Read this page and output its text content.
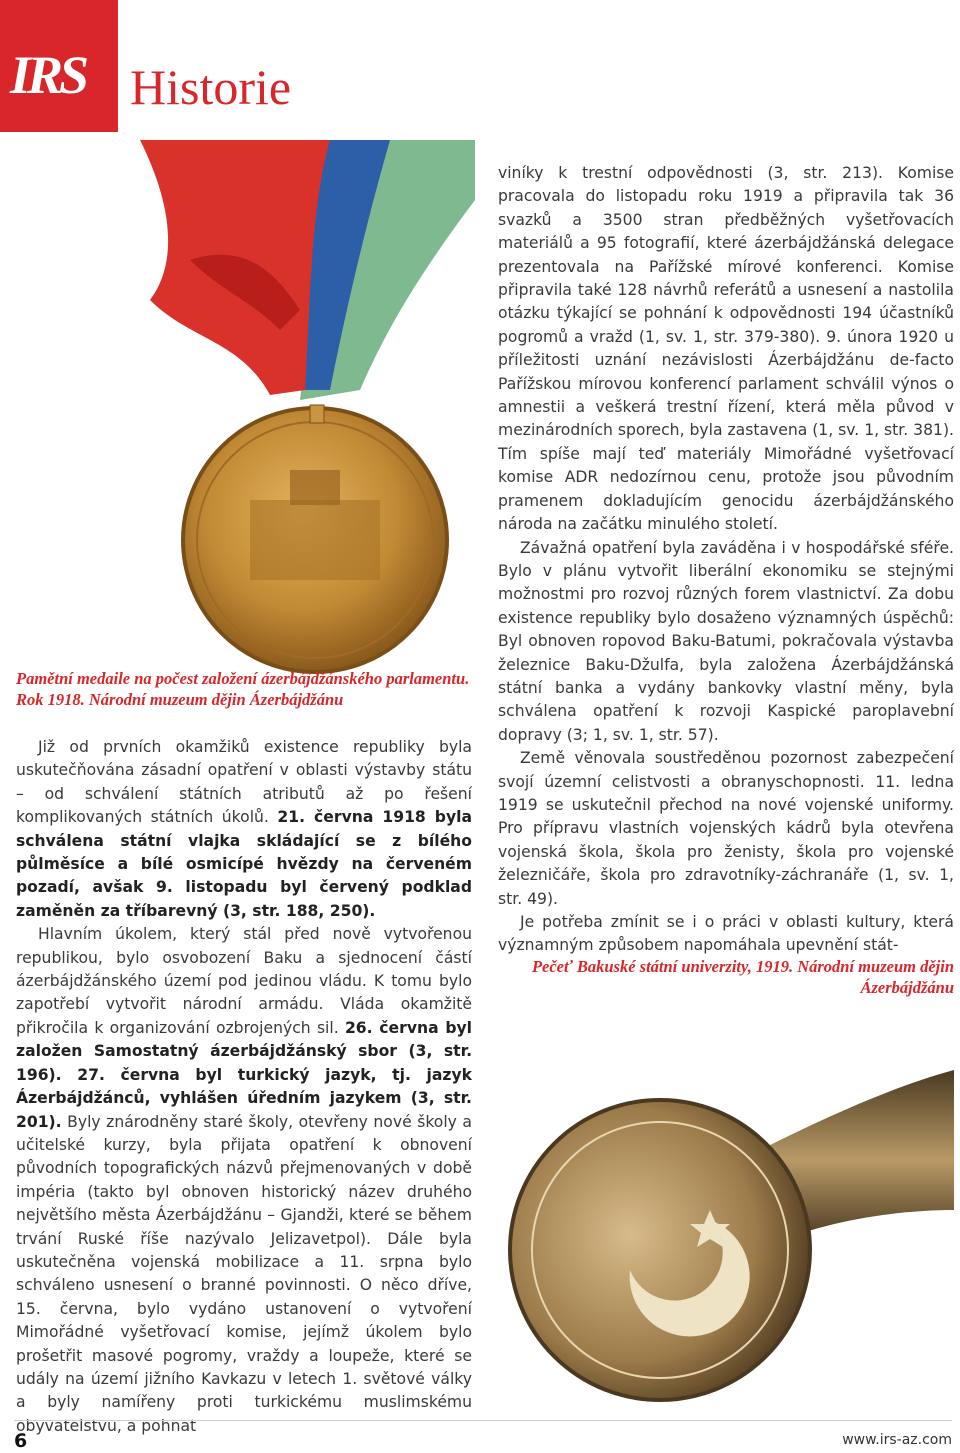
IRS Historie

Pamětní medaile na počest založení ázerbájdžánského parlamentu. Rok 1918. Národní muzeum dějin Ázerbájdžánu

Již od prvních okamžiků existence republiky byla uskutečňována zásadní opatření v oblasti výstavby státu – od schválení státních atributů až po řešení komplikovaných státních úkolů. 21. června 1918 byla schválena státní vlajka skládající se z bílého půlměsíce a bílé osmicípé hvězdy na červeném pozadí, avšak 9. listopadu byl červený podklad zaměněn za tříbarevný (3, str. 188, 250).

Hlavním úkolem, který stál před nově vytvořenou republikou, bylo osvobození Baku a sjednocení částí ázerbájdžánského území pod jedinou vládu. K tomu bylo zapotřebí vytvořit národní armádu. Vláda okamžitě přikročila k organizování ozbrojených sil. 26. června byl založen Samostatný ázerbájdžánský sbor (3, str. 196). 27. června byl turkický jazyk, tj. jazyk Ázerbájdžánců, vyhlášen úředním jazykem (3, str. 201). Byly znárodněny staré školy, otevřeny nové školy a učitelské kurzy, byla přijata opatření k obnovení původních topografických názvů přejmenovaných v době impéria (takto byl obnoven historický název druhého největšího města Ázerbájdžánu – Gjandži, které se během trvání Ruské říše nazývalo Jelizavetpol). Dále byla uskutečněna vojenská mobilizace a 11. srpna bylo schváleno usnesení o branné povinnosti. O něco dříve, 15. června, bylo vydáno ustanovení o vytvoření Mimořádné vyšetřovací komise, jejímž úkolem bylo prošetřit masové pogromy, vraždy a loupeže, které se udály na území jižního Kavkazu v letech 1. světové války a byly namířeny proti turkickému muslimskému obyvatelstvu, a pohnat

viníky k trestní odpovědnosti (3, str. 213). Komise pracovala do listopadu roku 1919 a připravila tak 36 svazků a 3500 stran předběžných vyšetřovacích materiálů a 95 fotografií, které ázerbájdžánská delegace prezentovala na Pařížské mírové konferenci. Komise připravila také 128 návrhů referátů a usnesení a nastolila otázku týkající se pohnání k odpovědnosti 194 účastníků pogromů a vražd (1, sv. 1, str. 379-380). 9. února 1920 u příležitosti uznání nezávislosti Ázerbájdžánu de-facto Pařížskou mírovou konferencí parlament schválil výnos o amnestii a veškerá trestní řízení, která měla původ v mezinárodních sporech, byla zastavena (1, sv. 1, str. 381). Tím spíše mají teď materiály Mimořádné vyšetřovací komise ADR nedozírnou cenu, protože jsou původním pramenem dokladujícím genocidu ázerbájdžánského národa na začátku minulého století.

Závažná opatření byla zaváděna i v hospodářské sféře. Bylo v plánu vytvořit liberální ekonomiku se stejnými možnostmi pro rozvoj různých forem vlastnictví. Za dobu existence republiky bylo dosaženo významných úspěchů: Byl obnoven ropovod Baku-Batumi, pokračovala výstavba železnice Baku-Džulfa, byla založena Ázerbájdžánská státní banka a vydány bankovky vlastní měny, byla schválena opatření k rozvoji Kaspické paroplavební dopravy (3; 1, sv. 1, str. 57).

Země věnovala soustředěnou pozornost zabezpečení svojí územní celistvosti a obranyschopnosti. 11. ledna 1919 se uskutečnil přechod na nové vojenské uniformy. Pro přípravu vlastních vojenských kádrů byla otevřena vojenská škola, škola pro ženisty, škola pro vojenské železničáře, škola pro zdravotníky-záchranáře (1, sv. 1, str. 49).

Je potřeba zmínit se i o práci v oblasti kultury, která významným způsobem napomáhala upevnění stát-

Pečeť Bakuské státní univerzity, 1919. Národní muzeum dějin Ázerbájdžánu

6	www.irs-az.com
